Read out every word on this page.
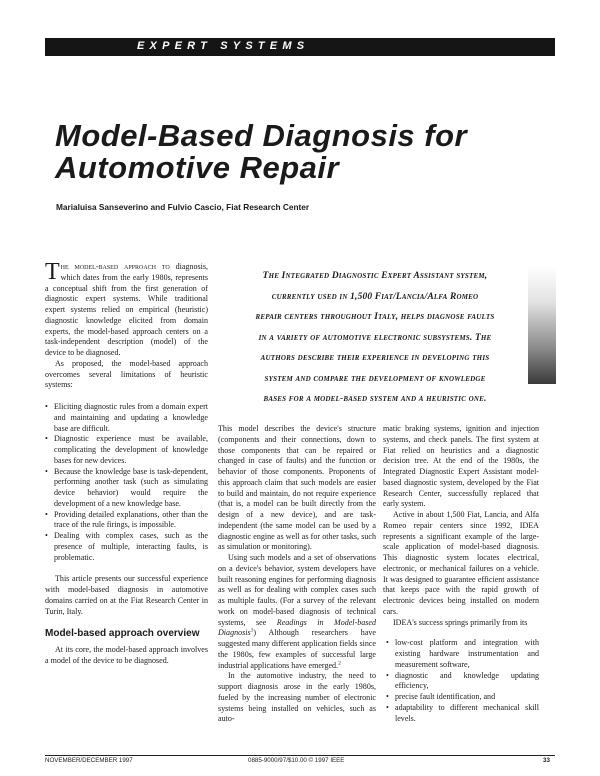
EXPERT SYSTEMS
Model-Based Diagnosis for
Automotive Repair
Marialuisa Sanseverino and Fulvio Cascio, Fiat Research Center

The model-based approach to diagnosis, which dates from the early 1980s, represents a conceptual shift from the first generation of diagnostic expert systems. While traditional expert systems relied on empirical (heuristic) diagnostic knowledge elicited from domain experts, the model-based approach centers on a task-independent description (model) of the device to be diagnosed.

As proposed, the model-based approach overcomes several limitations of heuristic systems:

• Eliciting diagnostic rules from a domain expert and maintaining and updating a knowledge base are difficult.
• Diagnostic experience must be available, complicating the development of knowledge bases for new devices.
• Because the knowledge base is task-dependent, performing another task (such as simulating device behavior) would require the development of a new knowledge base.
• Providing detailed explanations, other than the trace of the rule firings, is impossible.
• Dealing with complex cases, such as the presence of multiple, interacting faults, is problematic.

This article presents our successful experience with model-based diagnosis in automotive domains carried on at the Fiat Research Center in Turin, Italy.

Model-based approach overview

At its core, the model-based approach involves a model of the device to be diagnosed.

The Integrated Diagnostic Expert Assistant system,
currently used in 1,500 Fiat/Lancia/Alfa Romeo
repair centers throughout Italy, helps diagnose faults
in a variety of automotive electronic subsystems. The
authors describe their experience in developing this
system and compare the development of knowledge
bases for a model-based system and a heuristic one.

This model describes the device's structure (components and their connections, down to those components that can be repaired or changed in case of faults) and the function or behavior of those components. Proponents of this approach claim that such models are easier to build and maintain, do not require experience (that is, a model can be built directly from the design of a new device), and are task-independent (the same model can be used by a diagnostic engine as well as for other tasks, such as simulation or monitoring).

Using such models and a set of observations on a device's behavior, system developers have built reasoning engines for performing diagnosis as well as for dealing with complex cases such as multiple faults. (For a survey of the relevant work on model-based diagnosis of technical systems, see Readings in Model-based Diagnosis$^1$) Although researchers have suggested many different application fields since the 1980s, few examples of successful large industrial applications have emerged.$^2$

In the automotive industry, the need to support diagnosis arose in the early 1980s, fueled by the increasing number of electronic systems being installed on vehicles, such as auto-

matic braking systems, ignition and injection systems, and check panels. The first system at Fiat relied on heuristics and a diagnostic decision tree. At the end of the 1980s, the Integrated Diagnostic Expert Assistant model-based diagnostic system, developed by the Fiat Research Center, successfully replaced that early system.

Active in about 1,500 Fiat, Lancia, and Alfa Romeo repair centers since 1992, IDEA represents a significant example of the large-scale application of model-based diagnosis. This diagnostic system locates electrical, electronic, or mechanical failures on a vehicle. It was designed to guarantee efficient assistance that keeps pace with the rapid growth of electronic devices being installed on modern cars.

IDEA's success springs primarily from its

• low-cost platform and integration with existing hardware instrumentation and measurement software,
• diagnostic and knowledge updating efficiency,
• precise fault identification, and
• adaptability to different mechanical skill levels.
NOVEMBER/DECEMBER 1997	0885-9000/97/$10.00 © 1997 IEEE	33
